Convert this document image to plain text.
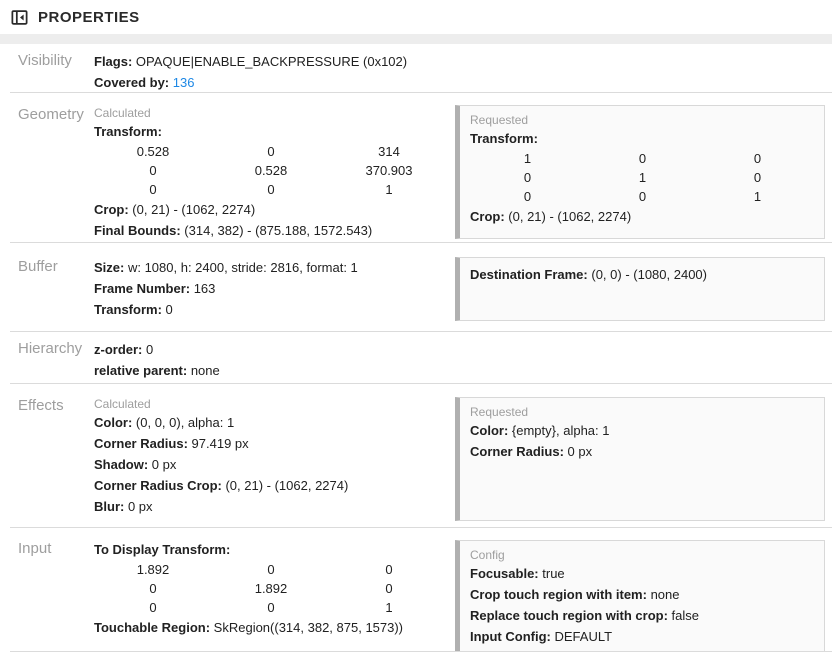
PROPERTIES
Visibility	Flags: OPAQUE|ENABLE_BACKPRESSURE (0x102)
Covered by: 136
Geometry Calculated
Transform:
0.528	0	314
0	0.528	370.903
0	0	1
Crop: (0, 21) - (1062, 2274)
Final Bounds: (314, 382) - (875.188, 1572.543)
Requested
Transform:
1	0	0
0	1	0
0	0	1
Crop: (0, 21) - (1062, 2274)
Buffer	Size: w: 1080, h: 2400, stride: 2816, format: 1
Frame Number: 163
Transform: 0
Destination Frame: (0, 0) - (1080, 2400)
Hierarchy z-order: 0
relative parent: none
Effects	Calculated
Color: (0, 0, 0), alpha: 1
Corner Radius: 97.419 px
Shadow: 0 px
Corner Radius Crop: (0, 21) - (1062, 2274)
Blur: 0 px
Requested
Color: {empty}, alpha: 1
Corner Radius: 0 px
Input	To Display Transform:
1.892	0	0
0	1.892	0
0	0	1
Touchable Region: SkRegion((314, 382, 875, 1573))
Config
Focusable: true
Crop touch region with item: none
Replace touch region with crop: false
Input Config: DEFAULT
